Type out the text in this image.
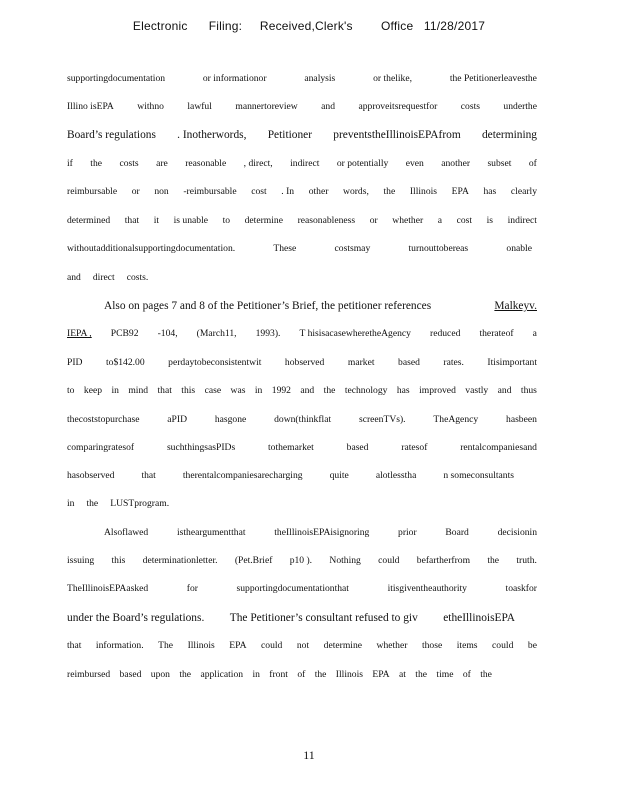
Electronic      Filing:     Received,Clerk's        Office   11/28/2017
supportingdocumentation	or informationor	analysis	or thelike,	the Petitionerleavesthe
Illino isEPA withno lawful mannertoreview and approveitsrequestfor costs underthe
Board’s regulations . Inotherwords, Petitioner preventstheIllinoisEPAfrom determining
if the costs are reasonable , direct, indirect or potentially even another subset of
reimbursable or non -reimbursable cost . In other words, the Illinois EPA has clearly
determined that it is unable to determine reasonableness or whether a cost is indirect
withoutadditionalsupportingdocumentation.	These	costsmay	turnouttobereas	onable
and direct costs.
Also on pages 7 and 8 of the Petitioner’s Brief, the petitioner references	Malkeyv.
IEPA , PCB92 -104, (March11, 1993). T hisisacasewheretheAgency reduced therateof a
PID to$142.00 perdaytobeconsistentwit hobserved market based rates. Itisimportant
to keep in mind that this case was in 1992 and the technology has improved vastly and thus
thecoststopurchase	aPID	hasgone	down(thinkflat	screenTVs).	TheAgency	hasbeen
comparingratesof	suchthingsasPIDs	tothemarket	based	ratesof	rentalcompaniesand
hasobserved	that	therentalcompaniesarecharging	quite	alotlesstha	n someconsultants
in the LUSTprogram.
Alsoflawed	istheargumentthat	theIllinoisEPAisignoring	prior	Board	decisionin
issuing this determinationletter. (Pet.Brief p10 ). Nothing could befartherfrom the truth.
TheIllinoisEPAasked	for	supportingdocumentationthat	itisgiventheauthority	toaskfor
under the Board’s regulations. The Petitioner’s consultant refused to giv etheIllinoisEPA
that information. The Illinois EPA could not determine whether those items could be
reimbursed based upon the application in front of the Illinois EPA at the time of the
11
